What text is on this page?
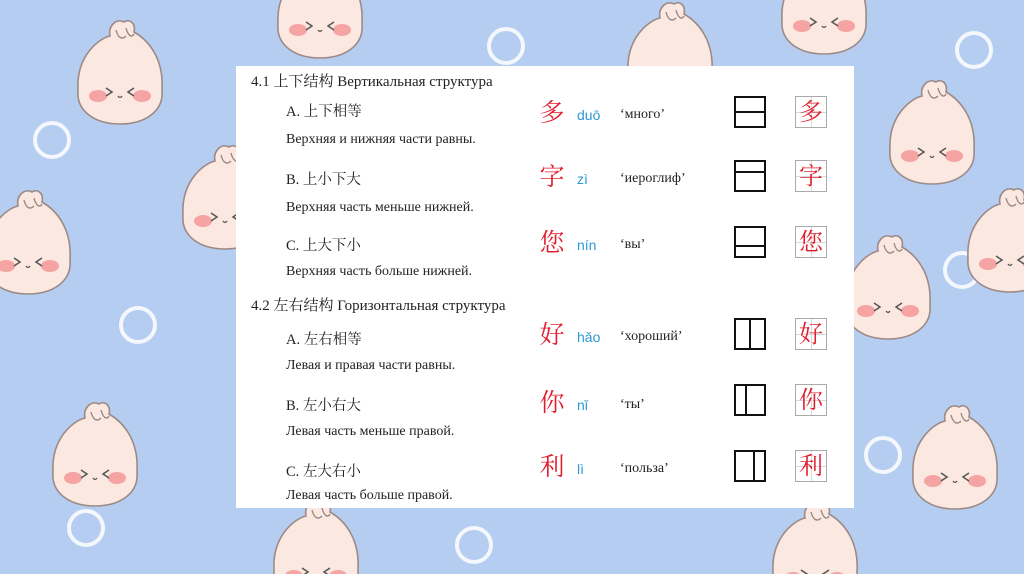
4.1 上下结构 Вертикальная структура
A. 上下相等
Верхняя и нижняя части равны.
多 duō ‘много’	多
B. 上小下大
Верхняя часть меньше нижней.
字 zì ‘иероглиф’	字
C. 上大下小
Верхняя часть больше нижней.
您 nín ‘вы’	您
4.2 左右结构 Горизонтальная структура
A. 左右相等
Левая и правая части равны.
好 hǎo ‘хороший’	好
B. 左小右大
Левая часть меньше правой.
你 nǐ ‘ты’	你
C. 左大右小
Левая часть больше правой.
利 lì	‘польза’	利
